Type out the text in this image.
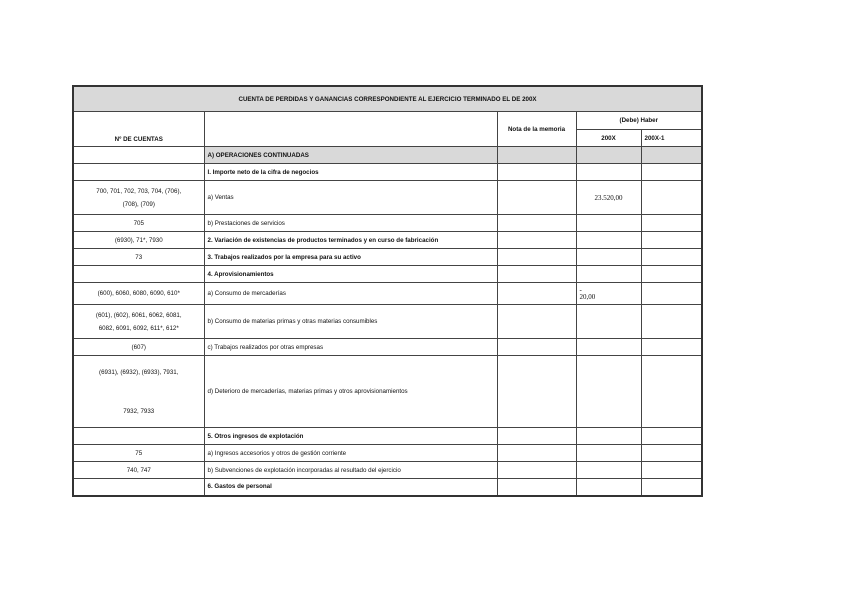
CUENTA DE PERDIDAS Y GANANCIAS CORRESPONDIENTE AL EJERCICIO TERMINADO EL DE 200X				
Nº DE CUENTAS		Nota de la memoria	(Debe) Haber	
			200X	200X-1
	A) OPERACIONES CONTINUADAS			
	I. Importe neto de la cifra de negocios			
700, 701, 702, 703, 704, (706),
(708), (709)	a) Ventas		23.520,00	
705	b) Prestaciones de servicios			
(6930), 71*, 7930	2. Variación de existencias de productos terminados y en curso de fabricación			
73	3. Trabajos realizados por la empresa para su activo			
	4. Aprovisionamientos			
(600), 6060, 6080, 6090, 610*	a) Consumo de mercaderías		-
20,00	
(601), (602), 6061, 6062, 6081,
6082, 6091, 6092, 611*, 612*	b) Consumo de materias primas y otras materias consumibles			
(607)	c) Trabajos realizados por otras empresas			
(6931), (6932), (6933), 7931,

7932, 7933	d) Deterioro de mercaderías, materias primas y otros aprovisionamientos			
	5. Otros ingresos de explotación			
75	a) Ingresos accesorios y otros de gestión corriente			
740, 747	b) Subvenciones de explotación incorporadas al resultado del ejercicio			
	6. Gastos de personal			
